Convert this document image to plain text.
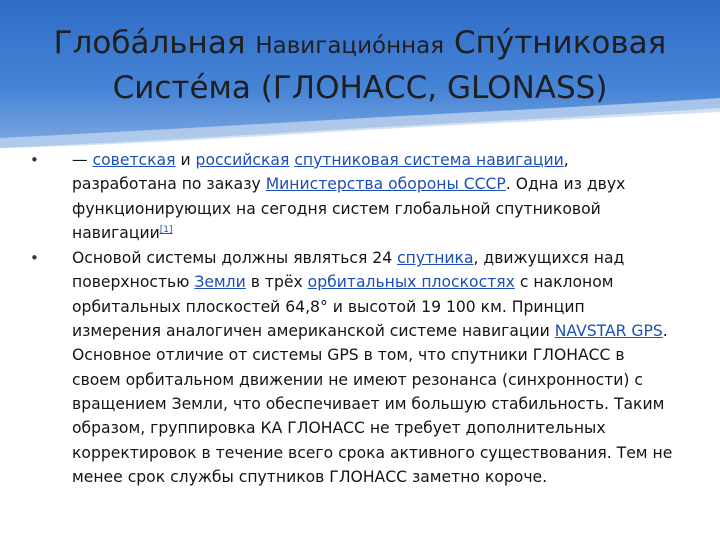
Глоба́льная Навигацио́нная Спу́тниковая
Систе́ма (ГЛОНАСС, GLONASS)
• — советская и российская спутниковая система навигации, разработана по заказу Министерства обороны СССР. Одна из двух функционирующих на сегодня систем глобальной спутниковой навигации[1]
• Основой системы должны являться 24 спутника, движущихся над поверхностью Земли в трёх орбитальных плоскостях с наклоном орбитальных плоскостей 64,8° и высотой 19 100 км. Принцип измерения аналогичен американской системе навигации NAVSTAR GPS. Основное отличие от системы GPS в том, что спутники ГЛОНАСС в своем орбитальном движении не имеют резонанса (синхронности) с вращением Земли, что обеспечивает им большую стабильность. Таким образом, группировка КА ГЛОНАСС не требует дополнительных корректировок в течение всего срока активного существования. Тем не менее срок службы спутников ГЛОНАСС заметно короче.
